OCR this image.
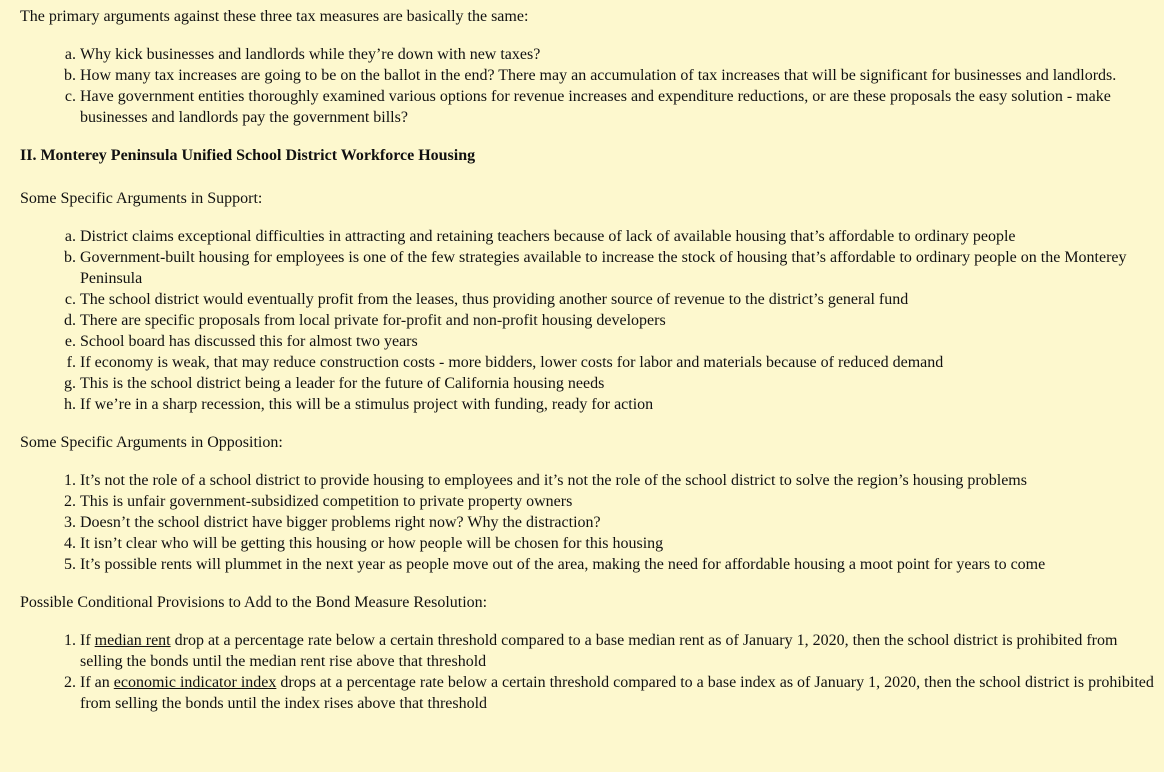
The primary arguments against these three tax measures are basically the same:

a. Why kick businesses and landlords while they’re down with new taxes?
b. How many tax increases are going to be on the ballot in the end? There may an accumulation of tax increases that will be significant for businesses and landlords.
c. Have government entities thoroughly examined various options for revenue increases and expenditure reductions, or are these proposals the easy solution - make businesses and landlords pay the government bills?

II. Monterey Peninsula Unified School District Workforce Housing

Some Specific Arguments in Support:

a. District claims exceptional difficulties in attracting and retaining teachers because of lack of available housing that’s affordable to ordinary people
b. Government-built housing for employees is one of the few strategies available to increase the stock of housing that’s affordable to ordinary people on the Monterey Peninsula
c. The school district would eventually profit from the leases, thus providing another source of revenue to the district’s general fund
d. There are specific proposals from local private for-profit and non-profit housing developers
e. School board has discussed this for almost two years
f. If economy is weak, that may reduce construction costs - more bidders, lower costs for labor and materials because of reduced demand
g. This is the school district being a leader for the future of California housing needs
h. If we’re in a sharp recession, this will be a stimulus project with funding, ready for action

Some Specific Arguments in Opposition:

1. It’s not the role of a school district to provide housing to employees and it’s not the role of the school district to solve the region’s housing problems
2. This is unfair government-subsidized competition to private property owners
3. Doesn’t the school district have bigger problems right now? Why the distraction?
4. It isn’t clear who will be getting this housing or how people will be chosen for this housing
5. It’s possible rents will plummet in the next year as people move out of the area, making the need for affordable housing a moot point for years to come

Possible Conditional Provisions to Add to the Bond Measure Resolution:

1. If median rent drop at a percentage rate below a certain threshold compared to a base median rent as of January 1, 2020, then the school district is prohibited from selling the bonds until the median rent rise above that threshold
2. If an economic indicator index drops at a percentage rate below a certain threshold compared to a base index as of January 1, 2020, then the school district is prohibited from selling the bonds until the index rises above that threshold
